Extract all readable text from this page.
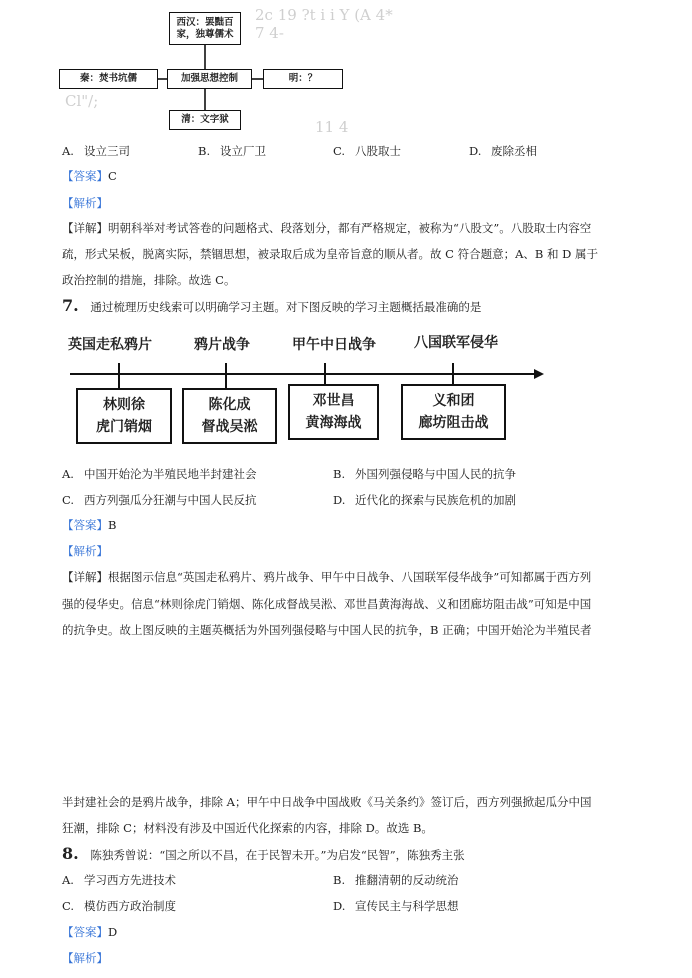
2c 19 ?t i i Y (A 4* 7 4-
Cl"/;
11 4
西汉：罢黜百家，独尊儒术
秦：焚书坑儒	加强思想控制	明：？
清：文字狱
A. 设立三司	B. 设立厂卫	C. 八股取士	D. 废除丞相
【答案】C
【解析】
【详解】明朝科举对考试答卷的问题格式、段落划分，都有严格规定，被称为“八股文”。八股取士内容空
疏，形式呆板，脱离实际，禁锢思想，被录取后成为皇帝旨意的顺从者。故 C 符合题意；A、B 和 D 属于
政治控制的措施，排除。故选 C。
7. 通过梳理历史线索可以明确学习主题。对下图反映的学习主题概括最准确的是
英国走私鸦片	鸦片战争	甲午中日战争	八国联军侵华
林则徐
虎门销烟
陈化成
督战吴淞
邓世昌
黄海海战
义和团
廊坊阻击战
A. 中国开始沦为半殖民地半封建社会	B. 外国列强侵略与中国人民的抗争
C. 西方列强瓜分狂潮与中国人民反抗	D. 近代化的探索与民族危机的加剧
【答案】B
【解析】
【详解】根据图示信息“英国走私鸦片、鸦片战争、甲午中日战争、八国联军侵华战争”可知都属于西方列
强的侵华史。信息“林则徐虎门销烟、陈化成督战吴淞、邓世昌黄海海战、义和团廊坊阻击战”可知是中国
的抗争史。故上图反映的主题英概括为外国列强侵略与中国人民的抗争，B 正确；中国开始沦为半殖民者
半封建社会的是鸦片战争，排除 A；甲午中日战争中国战败《马关条约》签订后，西方列强掀起瓜分中国
狂潮，排除 C；材料没有涉及中国近代化探索的内容，排除 D。故选 B。
8. 陈独秀曾说：“国之所以不昌，在于民智未开。”为启发“民智”，陈独秀主张
A. 学习西方先进技术	B. 推翻清朝的反动统治
C. 模仿西方政治制度	D. 宣传民主与科学思想
【答案】D
【解析】
